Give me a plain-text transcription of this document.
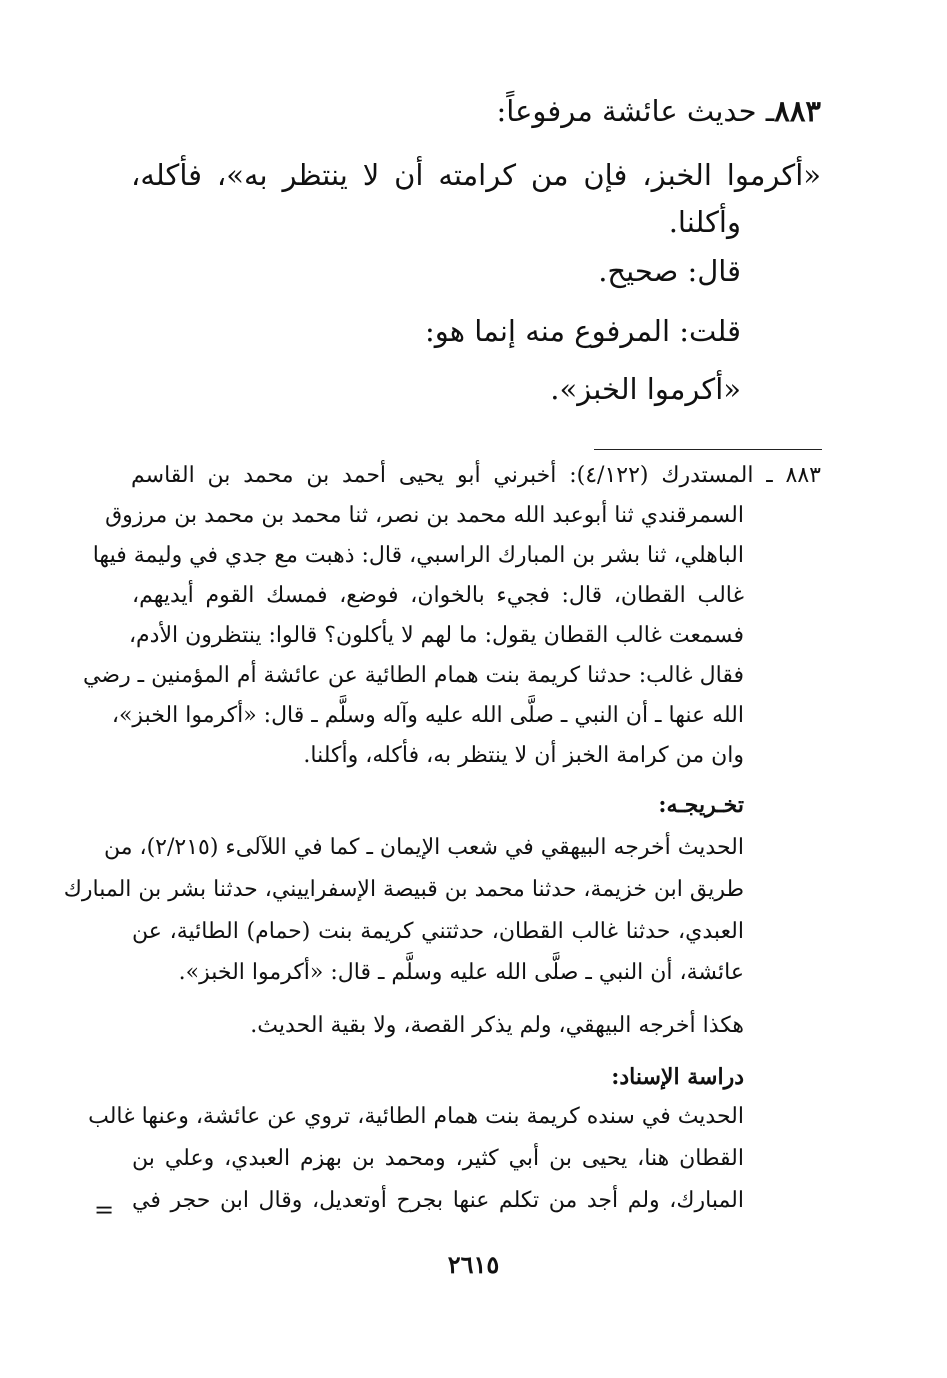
٨٨٣ـ حديث عائشة مرفوعاً:
«أكرموا الخبز، فإن من كرامته أن لا ينتظر به»، فأكله،
وأكلنا.
قال: صحيح.
قلت: المرفوع منه إنما هو:
«أكرموا الخبز».
٨٨٣ ـ المستدرك (٤/١٢٢): أخبرني أبو يحيى أحمد بن محمد بن القاسم
السمرقندي ثنا أبوعبد الله محمد بن نصر، ثنا محمد بن محمد بن مرزوق
الباهلي، ثنا بشر بن المبارك الراسبي، قال: ذهبت مع جدي في وليمة فيها
غالب القطان، قال: فجيء بالخوان، فوضع، فمسك القوم أيديهم،
فسمعت غالب القطان يقول: ما لهم لا يأكلون؟ قالوا: ينتظرون الأدم،
فقال غالب: حدثنا كريمة بنت همام الطائية عن عائشة أم المؤمنين ـ رضي
الله عنها ـ أن النبي ـ صلَّى الله عليه وآله وسلَّم ـ قال: «أكرموا الخبز»،
وان من كرامة الخبز أن لا ينتظر به، فأكله، وأكلنا.
تخـريجـه:
الحديث أخرجه البيهقي في شعب الإيمان ـ كما في اللآلىء (٢/٢١٥)، من
طريق ابن خزيمة، حدثنا محمد بن قبيصة الإسفراييني، حدثنا بشر بن المبارك
العبدي، حدثنا غالب القطان، حدثتني كريمة بنت (حمام) الطائية، عن
عائشة، أن النبي ـ صلَّى الله عليه وسلَّم ـ قال: «أكرموا الخبز».
هكذا أخرجه البيهقي، ولم يذكر القصة، ولا بقية الحديث.
دراسة الإسناد:
الحديث في سنده كريمة بنت همام الطائية، تروي عن عائشة، وعنها غالب
القطان هنا، يحيى بن أبي كثير، ومحمد بن بهزم العبدي، وعلي بن
المبارك، ولم أجد من تكلم عنها بجرح أوتعديل، وقال ابن حجر في
=
٢٦١٥
